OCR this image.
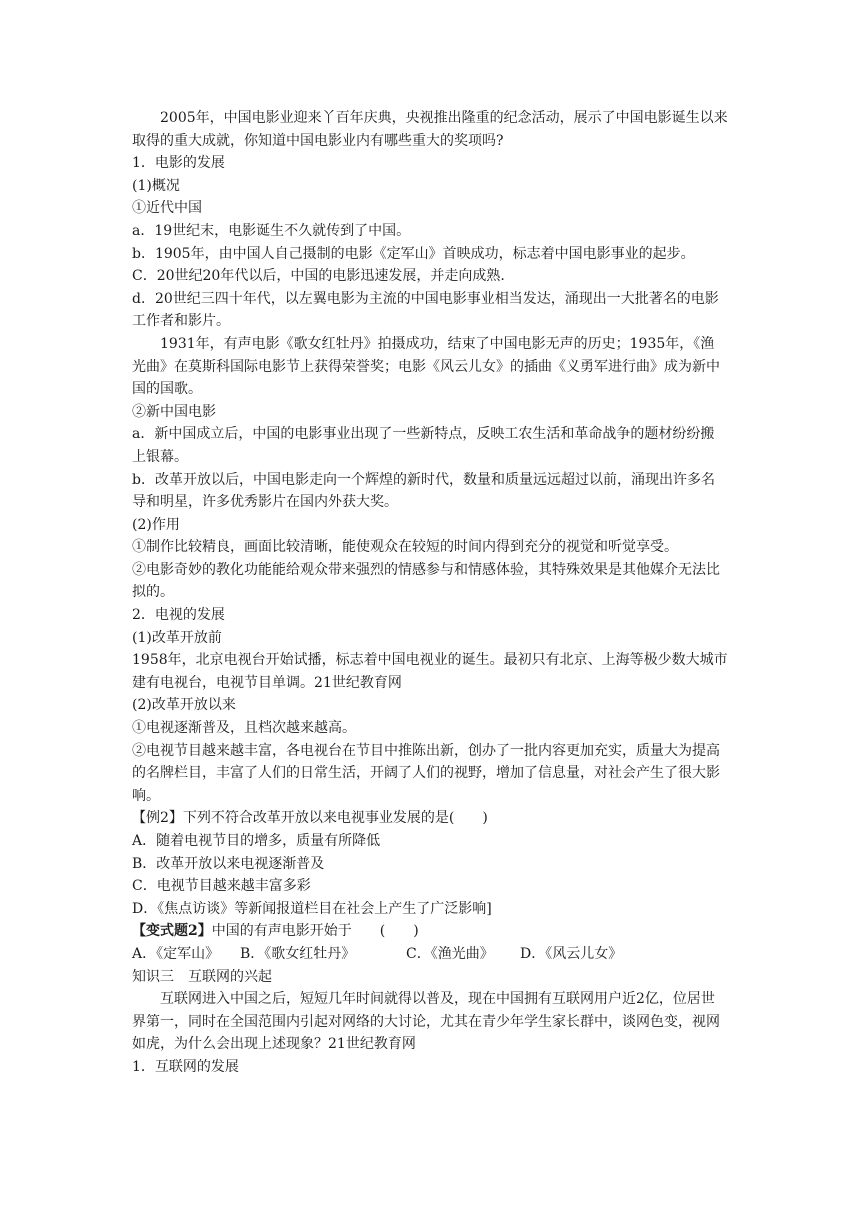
2005年，中国电影业迎来丫百年庆典，央视推出隆重的纪念活动，展示了中国电影诞生以来取得的重大成就，你知道中国电影业内有哪些重大的奖项吗?

1．电影的发展

(1)概况

①近代中国

a．19世纪末，电影诞生不久就传到了中国。

b．1905年，由中国人自己摄制的电影《定军山》首映成功，标志着中国电影事业的起步。

C．20世纪20年代以后，中国的电影迅速发展，并走向成熟.

d．20世纪三四十年代，以左翼电影为主流的中国电影事业相当发达，涌现出一大批著名的电影工作者和影片。

1931年，有声电影《歌女红牡丹》拍摄成功，结束了中国电影无声的历史；1935年，《渔光曲》在莫斯科国际电影节上获得荣誉奖；电影《风云儿女》的插曲《义勇军进行曲》成为新中国的国歌。

②新中国电影

a．新中国成立后，中国的电影事业出现了一些新特点，反映工农生活和革命战争的题材纷纷搬上银幕。

b．改革开放以后，中国电影走向一个辉煌的新时代，数量和质量远远超过以前，涌现出许多名导和明星，许多优秀影片在国内外获大奖。

(2)作用

①制作比较精良，画面比较清晰，能使观众在较短的时间内得到充分的视觉和听觉享受。

②电影奇妙的教化功能能给观众带来强烈的情感参与和情感体验，其特殊效果是其他媒介无法比拟的。

2．电视的发展

(1)改革开放前

1958年，北京电视台开始试播，标志着中国电视业的诞生。最初只有北京、上海等极少数大城市建有电视台，电视节目单调。21世纪教育网

(2)改革开放以来

①电视逐渐普及，且档次越来越高。

②电视节目越来越丰富，各电视台在节目中推陈出新，创办了一批内容更加充实，质量大为提高的名牌栏目，丰富了人们的日常生活，开阔了人们的视野，增加了信息量，对社会产生了很大影响。

【例2】下列不符合改革开放以来电视事业发展的是(　　)

A．随着电视节目的增多，质量有所降低

B．改革开放以来电视逐渐普及

C．电视节目越来越丰富多彩

D．《焦点访谈》等新闻报道栏目在社会上产生了广泛影响]

【变式题2】中国的有声电影开始于　　(　　)

A．《定军山》 B．《歌女红牡丹》	C．《渔光曲》 D．《风云儿女》

知识三　互联网的兴起

互联网进入中国之后，短短几年时间就得以普及，现在中国拥有互联网用户近2亿，位居世界第一，同时在全国范围内引起对网络的大讨论，尤其在青少年学生家长群中，谈网色变，视网

如虎，为什么会出现上述现象？21世纪教育网

1．互联网的发展
